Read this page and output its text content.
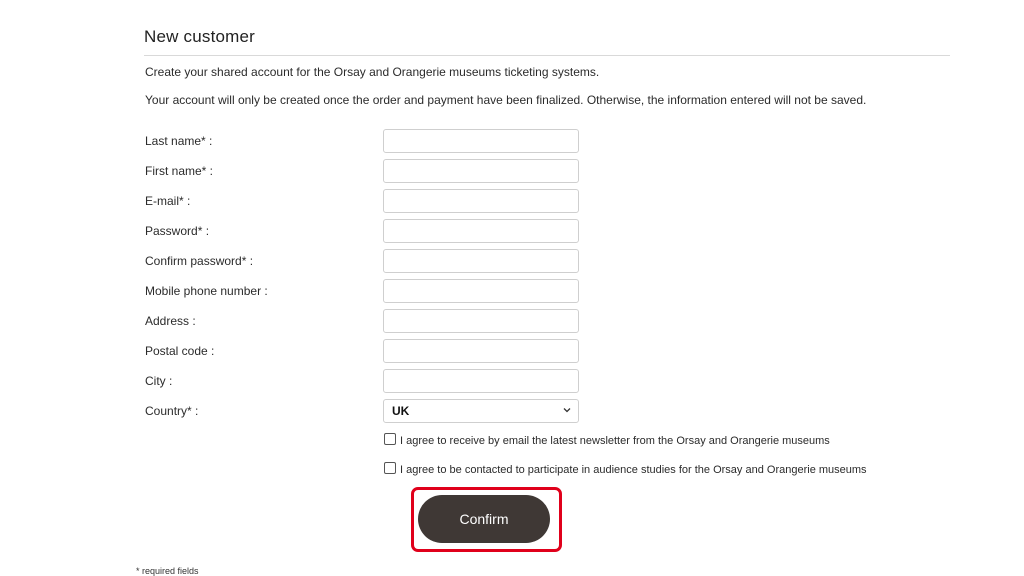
New customer

Create your shared account for the Orsay and Orangerie museums ticketing systems.

Your account will only be created once the order and payment have been finalized. Otherwise, the information entered will not be saved.

Last name* :
First name* :
E-mail* :
Password* :
Confirm password* :
Mobile phone number :
Address :
Postal code :
City :
Country* :	UK
I agree to receive by email the latest newsletter from the Orsay and Orangerie museums
I agree to be contacted to participate in audience studies for the Orsay and Orangerie museums
Confirm
* required fields
